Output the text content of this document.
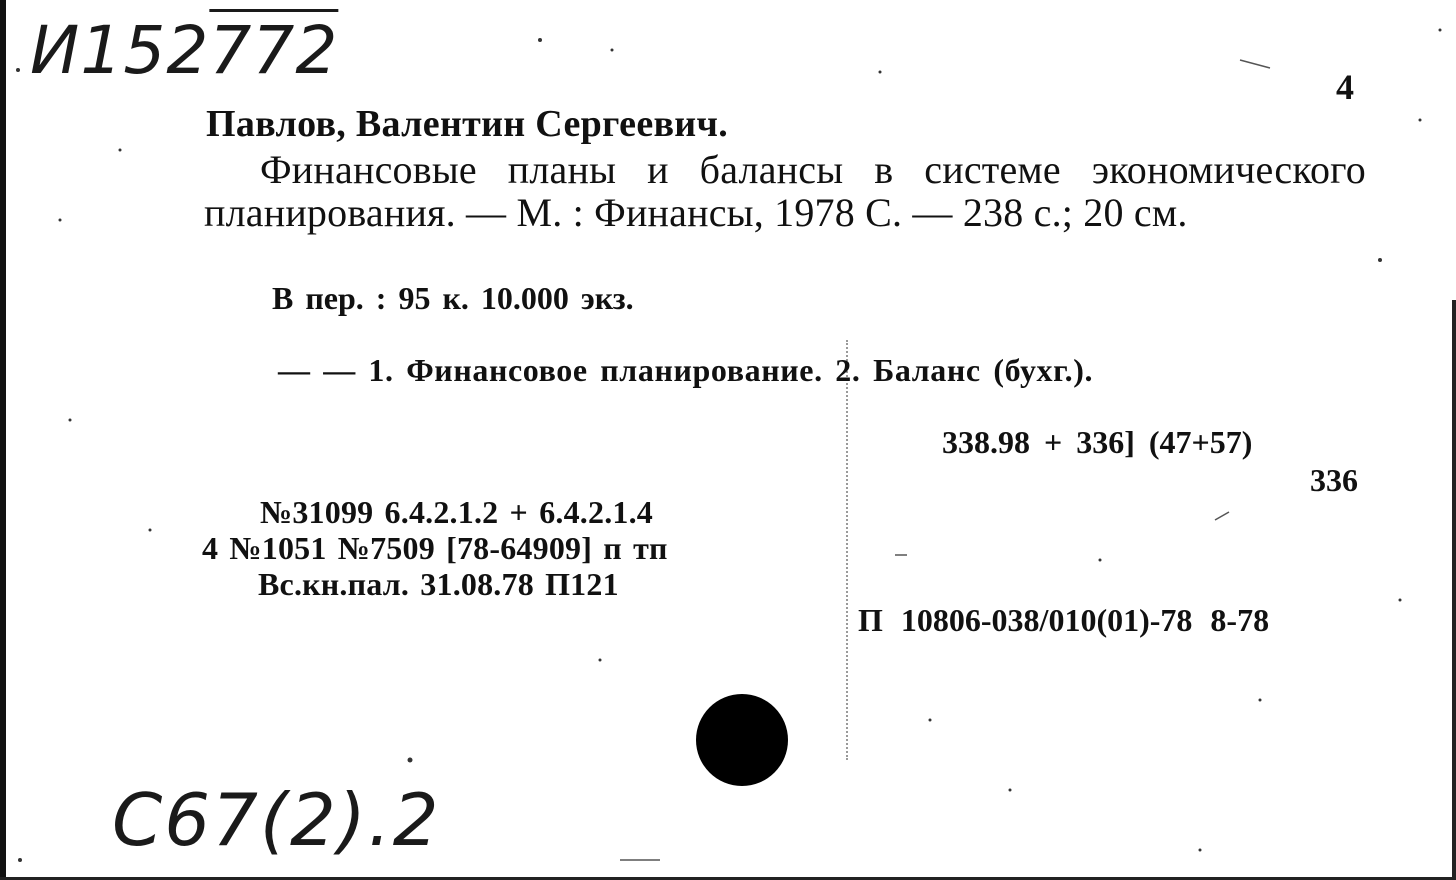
И152772	4
Павлов, Валентин Сергеевич.
Финансовые планы и балансы в системе экономического планирования. — М. : Финансы, 1978 С. — 238 с.; 20 см.
В пер. : 95 к. 10.000 экз.
— — 1. Финансовое планирование. 2. Баланс (бухг.).
338.98 + 336] (47+57)
336
№31099 6.4.2.1.2 + 6.4.2.1.4
4 №1051 №7509 [78-64909] п тп
Вс.кн.пал. 31.08.78 П121
П 10806-038/010(01)-78 8-78
С67(2).2
